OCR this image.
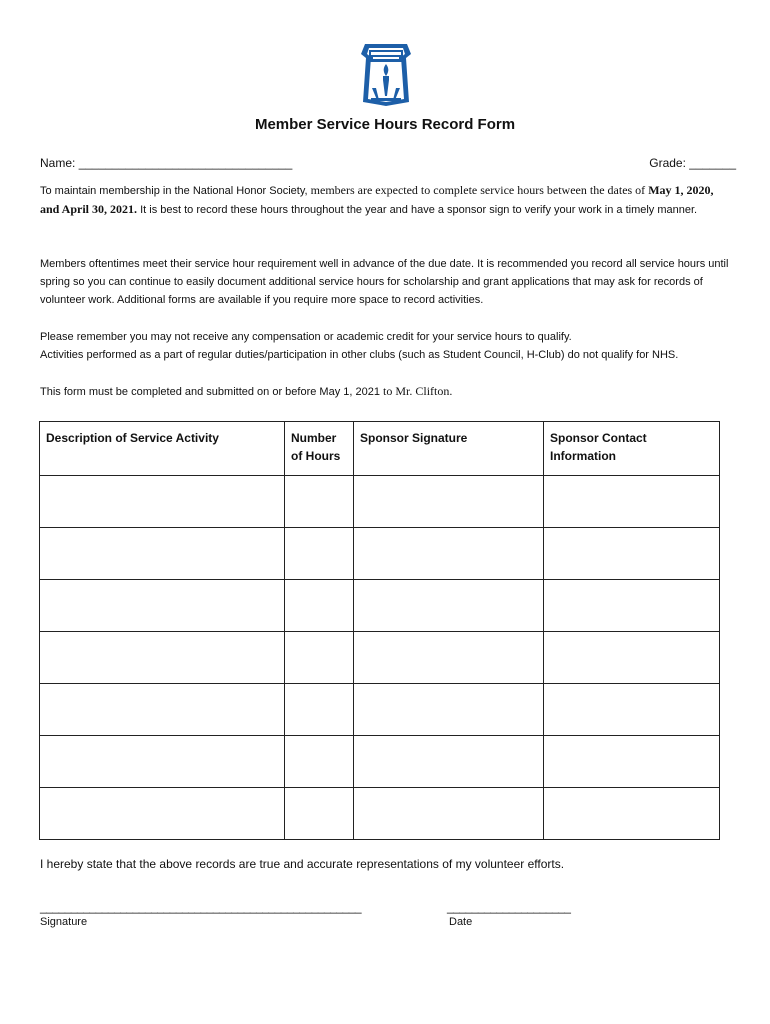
Member Service Hours Record Form
Name: ________________________________	Grade: _______
To maintain membership in the National Honor Society, members are expected to complete service hours between the dates of May 1, 2020, and April 30, 2021. It is best to record these hours throughout the year and have a sponsor sign to verify your work in a timely manner.
Members oftentimes meet their service hour requirement well in advance of the due date. It is recommended you record all service hours until spring so you can continue to easily document additional service hours for scholarship and grant applications that may ask for records of volunteer work. Additional forms are available if you require more space to record activities.
Please remember you may not receive any compensation or academic credit for your service hours to qualify.
Activities performed as a part of regular duties/participation in other clubs (such as Student Council, H-Club) do not qualify for NHS.
This form must be completed and submitted on or before May 1, 2021 to Mr. Clifton.
Description of Service Activity	Number of Hours	Sponsor Signature	Sponsor Contact Information

I hereby state that the above records are true and accurate representations of my volunteer efforts.
____________________________________________________
Signature
____________________
Date
